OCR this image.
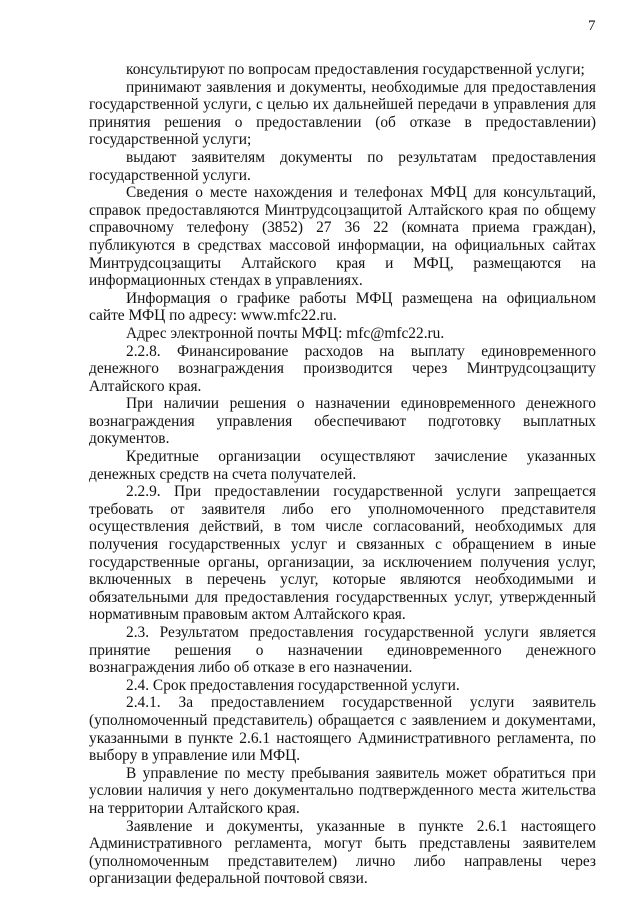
7

консультируют по вопросам предоставления государственной услуги;

принимают заявления и документы, необходимые для предоставления государственной услуги, с целью их дальнейшей передачи в управления для принятия решения о предоставлении (об отказе в предоставлении) государственной услуги;

выдают заявителям документы по результатам предоставления государственной услуги.

Сведения о месте нахождения и телефонах МФЦ для консультаций, справок предоставляются Минтрудсоцзащитой Алтайского края по общему справочному телефону (3852) 27 36 22 (комната приема граждан), публикуются в средствах массовой информации, на официальных сайтах Минтрудсоцзащиты Алтайского края и МФЦ, размещаются на информационных стендах в управлениях.

Информация о графике работы МФЦ размещена на официальном сайте МФЦ по адресу: www.mfc22.ru.

Адрес электронной почты МФЦ: mfc@mfc22.ru.

2.2.8. Финансирование расходов на выплату единовременного денежного вознаграждения производится через Минтрудсоцзащиту Алтайского края.

При наличии решения о назначении единовременного денежного вознаграждения управления обеспечивают подготовку выплатных документов.

Кредитные организации осуществляют зачисление указанных денежных средств на счета получателей.

2.2.9. При предоставлении государственной услуги запрещается требовать от заявителя либо его уполномоченного представителя осуществления действий, в том числе согласований, необходимых для получения государственных услуг и связанных с обращением в иные государственные органы, организации, за исключением получения услуг, включенных в перечень услуг, которые являются необходимыми и обязательными для предоставления государственных услуг, утвержденный нормативным правовым актом Алтайского края.

2.3. Результатом предоставления государственной услуги является принятие решения о назначении единовременного денежного вознаграждения либо об отказе в его назначении.

2.4. Срок предоставления государственной услуги.

2.4.1. За предоставлением государственной услуги заявитель (уполномоченный представитель) обращается с заявлением и документами, указанными в пункте 2.6.1 настоящего Административного регламента, по выбору в управление или МФЦ.

В управление по месту пребывания заявитель может обратиться при условии наличия у него документально подтвержденного места жительства на территории Алтайского края.

Заявление и документы, указанные в пункте 2.6.1 настоящего Административного регламента, могут быть представлены заявителем (уполномоченным представителем) лично либо направлены через организации федеральной почтовой связи.
